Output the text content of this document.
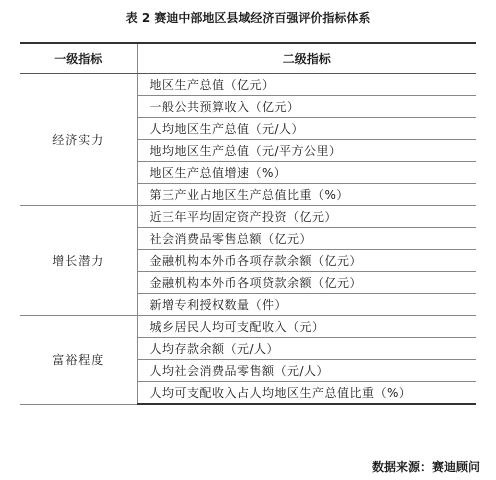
表 2 赛迪中部地区县域经济百强评价指标体系
一级指标	二级指标
经济实力	地区生产总值（亿元）
	一般公共预算收入（亿元）
	人均地区生产总值（元/人）
	地均地区生产总值（元/平方公里）
	地区生产总值增速（%）
	第三产业占地区生产总值比重（%）
增长潜力	近三年平均固定资产投资（亿元）
	社会消费品零售总额（亿元）
	金融机构本外币各项存款余额（亿元）
	金融机构本外币各项贷款余额（亿元）
	新增专利授权数量（件）
富裕程度	城乡居民人均可支配收入（元）
	人均存款余额（元/人）
	人均社会消费品零售额（元/人）
	人均可支配收入占人均地区生产总值比重（%）
数据来源：赛迪顾问
